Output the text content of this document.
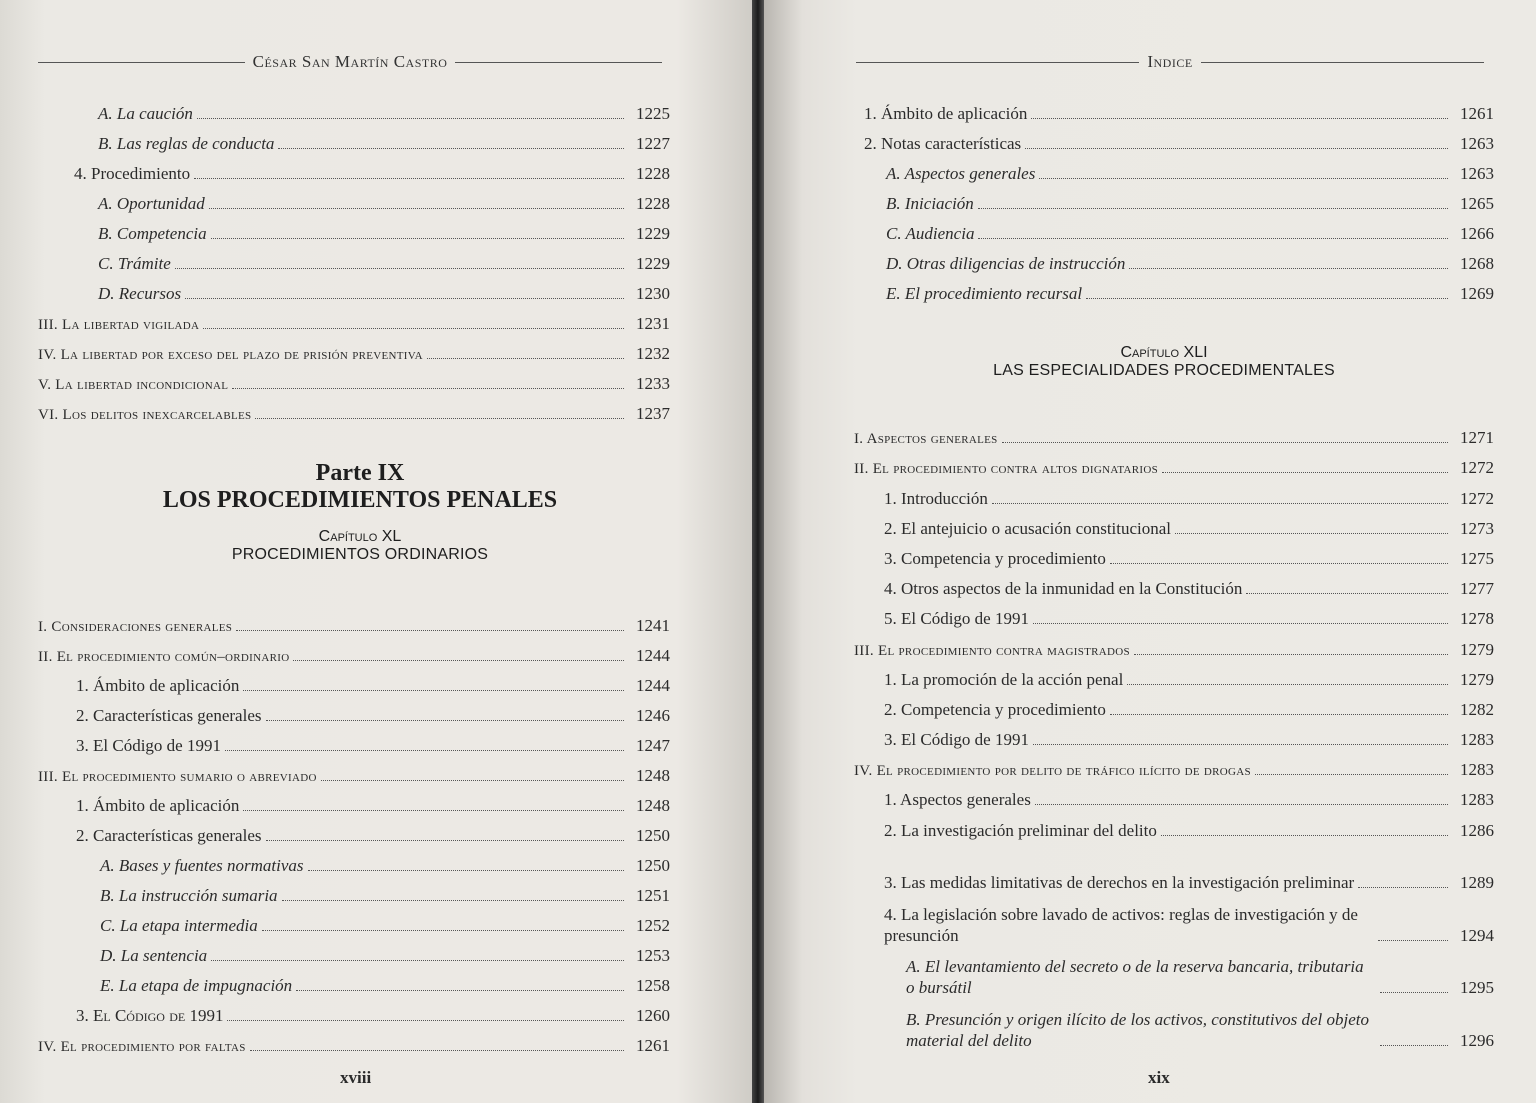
César San Martín Castro
A. La caución	1225
B. Las reglas de conducta	1227
4. Procedimiento	1228
A. Oportunidad	1228
B. Competencia	1229
C. Trámite	1229
D. Recursos	1230
III. La libertad vigilada	1231
IV. La libertad por exceso del plazo de prisión preventiva	1232
V. La libertad incondicional	1233
VI. Los delitos inexcarcelables	1237
Parte IX
LOS PROCEDIMIENTOS PENALES
Capítulo XL
PROCEDIMIENTOS ORDINARIOS
I. Consideraciones generales	1241
II. El procedimiento común–ordinario	1244
1. Ámbito de aplicación	1244
2. Características generales	1246
3. El Código de 1991	1247
III. El procedimiento sumario o abreviado	1248
1. Ámbito de aplicación	1248
2. Características generales	1250
A. Bases y fuentes normativas	1250
B. La instrucción sumaria	1251
C. La etapa intermedia	1252
D. La sentencia	1253
E. La etapa de impugnación	1258
3. El Código de 1991	1260
IV. El procedimiento por faltas	1261
xviii
Indice
1. Ámbito de aplicación	1261
2. Notas características	1263
A. Aspectos generales	1263
B. Iniciación	1265
C. Audiencia	1266
D. Otras diligencias de instrucción	1268
E. El procedimiento recursal	1269
Capítulo XLI
LAS ESPECIALIDADES PROCEDIMENTALES
I. Aspectos generales	1271
II. El procedimiento contra altos dignatarios	1272
1. Introducción	1272
2. El antejuicio o acusación constitucional	1273
3. Competencia y procedimiento	1275
4. Otros aspectos de la inmunidad en la Constitución	1277
5. El Código de 1991	1278
III. El procedimiento contra magistrados	1279
1. La promoción de la acción penal	1279
2. Competencia y procedimiento	1282
3. El Código de 1991	1283
IV. El procedimiento por delito de tráfico ilícito de drogas	1283
1. Aspectos generales	1283
2. La investigación preliminar del delito	1286
3. Las medidas limitativas de derechos en la investigación preliminar	1289
4. La legislación sobre lavado de activos: reglas de investigación y de presunción	1294
A. El levantamiento del secreto o de la reserva bancaria, tributaria o bursátil	1295
B. Presunción y origen ilícito de los activos, constitutivos del objeto material del delito	1296
xix
